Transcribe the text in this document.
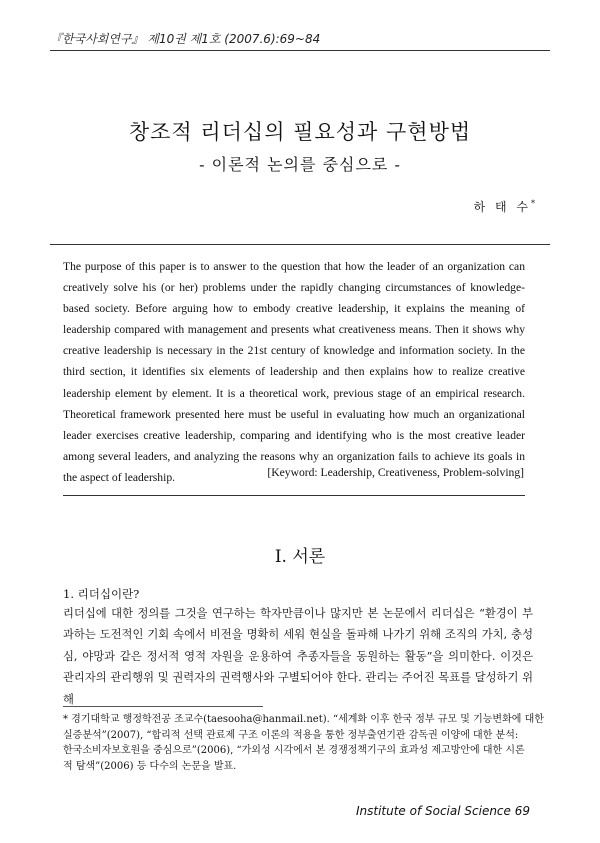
『한국사회연구』 제10권 제1호 (2007.6):69~84
창조적 리더십의 필요성과 구현방법
- 이론적 논의를 중심으로 -
하 태 수*
The purpose of this paper is to answer to the question that how the leader of an organization can creatively solve his (or her) problems under the rapidly changing circumstances of knowledge-based society. Before arguing how to embody creative leadership, it explains the meaning of leadership compared with management and presents what creativeness means. Then it shows why creative leadership is necessary in the 21st century of knowledge and information society. In the third section, it identifies six elements of leadership and then explains how to realize creative leadership element by element. It is a theoretical work, previous stage of an empirical research. Theoretical framework presented here must be useful in evaluating how much an organizational leader exercises creative leadership, comparing and identifying who is the most creative leader among several leaders, and analyzing the reasons why an organization fails to achieve its goals in the aspect of leadership.	[Keyword: Leadership, Creativeness, Problem-solving]
Ⅰ. 서론
1. 리더십이란?
리더십에 대한 정의를 그것을 연구하는 학자만큼이나 많지만 본 논문에서 리더십은 “환경이 부과하는 도전적인 기회 속에서 비전을 명확히 세워 현실을 돌파해 나가기 위해 조직의 가치, 충성심, 야망과 같은 정서적 영적 자원을 운용하여 추종자들을 동원하는 활동”을 의미한다. 이것은 관리자의 관리행위 및 권력자의 권력행사와 구별되어야 한다. 관리는 주어진 목표를 달성하기 위해
* 경기대학교 행정학전공 조교수(taesooha@hanmail.net). “세계화 이후 한국 정부 규모 및 기능변화에 대한
실증분석”(2007), “합리적 선택 관료제 구조 이론의 적용을 통한 정부출연기관 감독권 이양에 대한 분석:
한국소비자보호원을 중심으로”(2006), “가외성 시각에서 본 경쟁정책기구의 효과성 제고방안에 대한 시론
적 탐색”(2006) 등 다수의 논문을 발표.
Institute of Social Science 69
